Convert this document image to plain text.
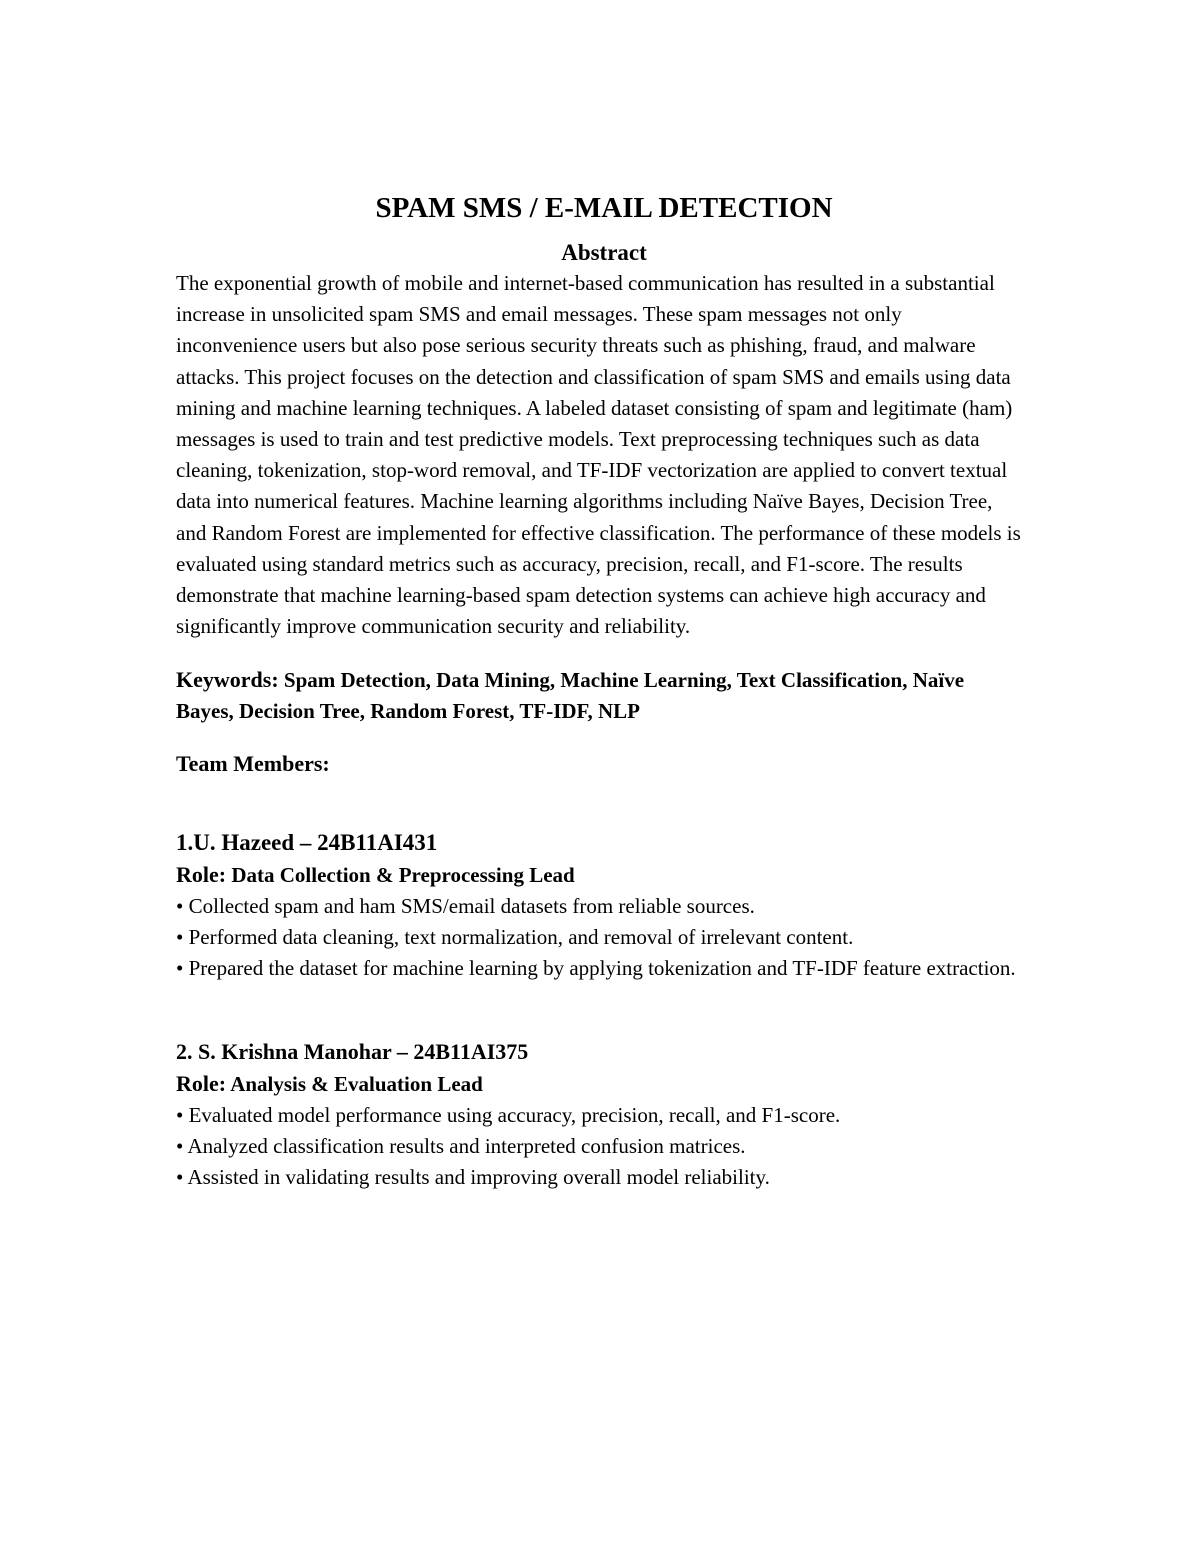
SPAM SMS / E-MAIL DETECTION
Abstract

The exponential growth of mobile and internet-based communication has resulted in a substantial increase in unsolicited spam SMS and email messages. These spam messages not only inconvenience users but also pose serious security threats such as phishing, fraud, and malware attacks. This project focuses on the detection and classification of spam SMS and emails using data mining and machine learning techniques. A labeled dataset consisting of spam and legitimate (ham) messages is used to train and test predictive models. Text preprocessing techniques such as data cleaning, tokenization, stop-word removal, and TF-IDF vectorization are applied to convert textual data into numerical features. Machine learning algorithms including Naïve Bayes, Decision Tree, and Random Forest are implemented for effective classification. The performance of these models is evaluated using standard metrics such as accuracy, precision, recall, and F1-score. The results demonstrate that machine learning-based spam detection systems can achieve high accuracy and significantly improve communication security and reliability.

Keywords: Spam Detection, Data Mining, Machine Learning, Text Classification, Naïve Bayes, Decision Tree, Random Forest, TF-IDF, NLP

Team Members:

1.U. Hazeed – 24B11AI431

Role: Data Collection & Preprocessing Lead

• Collected spam and ham SMS/email datasets from reliable sources.
• Performed data cleaning, text normalization, and removal of irrelevant content.
• Prepared the dataset for machine learning by applying tokenization and TF-IDF feature extraction.

2. S. Krishna Manohar – 24B11AI375

Role: Analysis & Evaluation Lead

• Evaluated model performance using accuracy, precision, recall, and F1-score.
• Analyzed classification results and interpreted confusion matrices.
• Assisted in validating results and improving overall model reliability.
